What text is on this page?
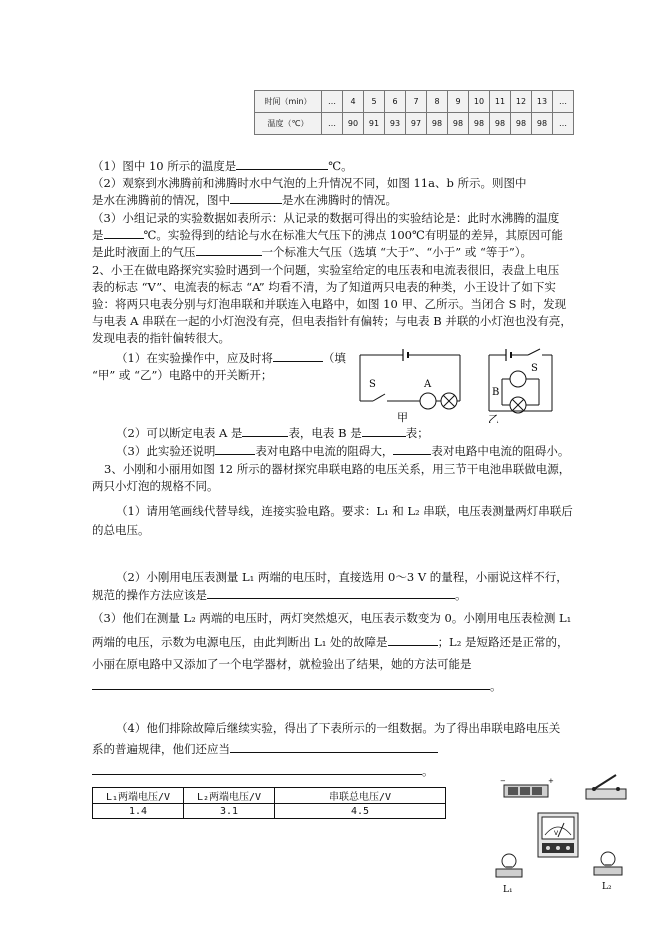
时间（min）	…	4	5	6	7	8	9	10	11	12	13	…
温度（℃）	…	90	91	93	97	98	98	98	98	98	98	…
（1）图中 10 所示的温度是	℃。
（2）观察到水沸腾前和沸腾时水中气泡的上升情况不同，如图 11a、b 所示。则图中
是水在沸腾前的情况，图中	是水在沸腾时的情况。
（3）小组记录的实验数据如表所示：从记录的数据可得出的实验结论是：此时水沸腾的温度
是	℃。实验得到的结论与水在标准大气压下的沸点 100℃有明显的差异，其原因可能
是此时液面上的气压	一个标准大气压（选填 “大于”、“小于” 或 “等于”）。
2、小王在做电路探究实验时遇到一个问题，实验室给定的电压表和电流表很旧，表盘上电压
表的标志 “V”、电流表的标志 “A” 均看不清，为了知道两只电表的种类，小王设计了如下实
验：将两只电表分别与灯泡串联和并联连入电路中，如图 10 甲、乙所示。当闭合 S 时，发现
与电表 A 串联在一起的小灯泡没有亮，但电表指针有偏转；与电表 B 并联的小灯泡也没有亮，
发现电表的指针偏转很大。
（1）在实验操作中，应及时将	（填
“甲” 或 “乙”）电路中的开关断开；
S	A
甲
S
B
乙
（2）可以断定电表 A 是	表，电表 B 是	表；
（3）此实验还说明	表对电路中电流的阻碍大，	表对电路中电流的阻碍小。
3、小刚和小丽用如图 12 所示的器材探究串联电路的电压关系，用三节干电池串联做电源，
两只小灯泡的规格不同。
（1）请用笔画线代替导线，连接实验电路。要求：L₁ 和 L₂ 串联，电压表测量两灯串联后
的总电压。
（2）小刚用电压表测量 L₁ 两端的电压时，直接选用 0～3 V 的量程，小丽说这样不行，
规范的操作方法应该是	。
（3）他们在测量 L₂ 两端的电压时，两灯突然熄灭，电压表示数变为 0。小刚用电压表检测 L₁
两端的电压，示数为电源电压，由此判断出 L₁ 处的故障是	；L₂ 是短路还是正常的，
小丽在原电路中又添加了一个电学器材，就检验出了结果，她的方法可能是
。
（4）他们排除故障后继续实验，得出了下表所示的一组数据。为了得出串联电路电压关
系的普遍规律，他们还应当
。
L₁两端电压/V	L₂两端电压/V	串联总电压/V
1.4	3.1	4.5
−	+
V
L₁	L₂
